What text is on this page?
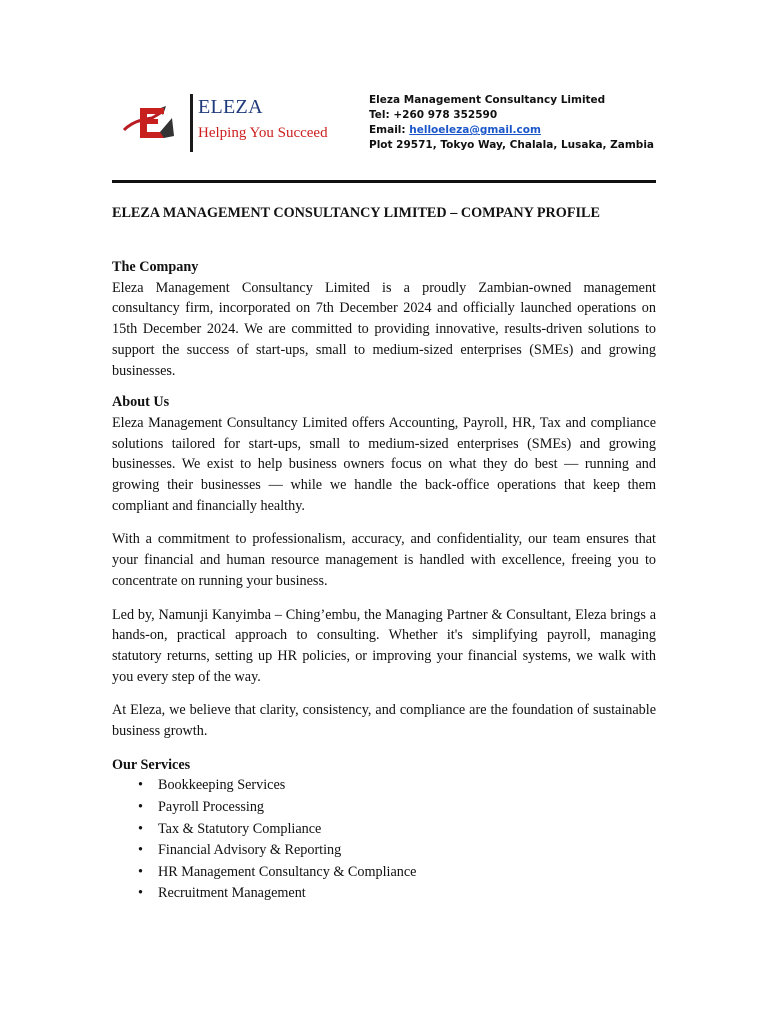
ELEZA
Helping You Succeed
Eleza Management Consultancy Limited
Tel: +260 978 352590
Email: helloeleza@gmail.com
Plot 29571, Tokyo Way, Chalala, Lusaka, Zambia
ELEZA MANAGEMENT CONSULTANCY LIMITED – COMPANY PROFILE
The Company

Eleza Management Consultancy Limited is a proudly Zambian-owned management consultancy firm, incorporated on 7th December 2024 and officially launched operations on 15th December 2024. We are committed to providing innovative, results-driven solutions to support the success of start-ups, small to medium-sized enterprises (SMEs) and growing businesses.

About Us

Eleza Management Consultancy Limited offers Accounting, Payroll, HR, Tax and compliance solutions tailored for start-ups, small to medium-sized enterprises (SMEs) and growing businesses. We exist to help business owners focus on what they do best — running and growing their businesses — while we handle the back-office operations that keep them compliant and financially healthy.

With a commitment to professionalism, accuracy, and confidentiality, our team ensures that your financial and human resource management is handled with excellence, freeing you to concentrate on running your business.

Led by, Namunji Kanyimba – Ching’embu, the Managing Partner & Consultant, Eleza brings a hands-on, practical approach to consulting. Whether it's simplifying payroll, managing statutory returns, setting up HR policies, or improving your financial systems, we walk with you every step of the way.

At Eleza, we believe that clarity, consistency, and compliance are the foundation of sustainable business growth.

Our Services
• Bookkeeping Services
• Payroll Processing
• Tax & Statutory Compliance
• Financial Advisory & Reporting
• HR Management Consultancy & Compliance
• Recruitment Management
